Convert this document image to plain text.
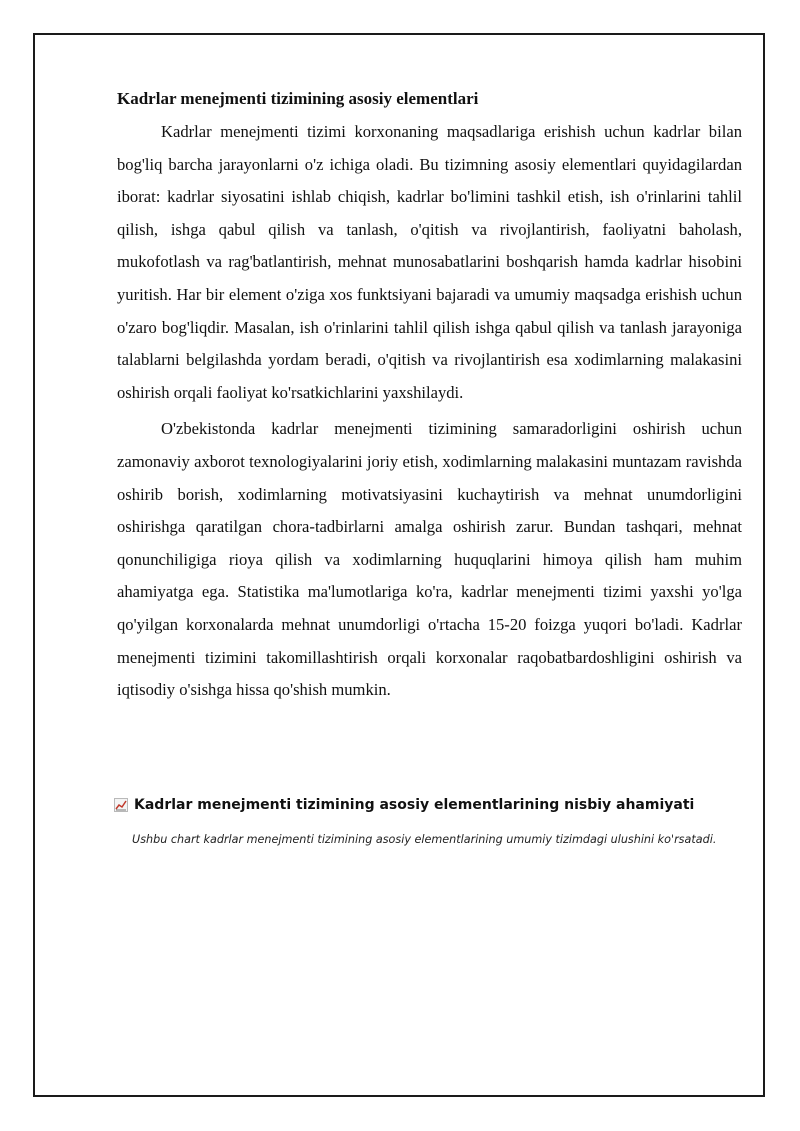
Kadrlar menejmenti tizimining asosiy elementlari

Kadrlar menejmenti tizimi korxonaning maqsadlariga erishish uchun kadrlar bilan bog'liq barcha jarayonlarni o'z ichiga oladi. Bu tizimning asosiy elementlari quyidagilardan iborat: kadrlar siyosatini ishlab chiqish, kadrlar bo'limini tashkil etish, ish o'rinlarini tahlil qilish, ishga qabul qilish va tanlash, o'qitish va rivojlantirish, faoliyatni baholash, mukofotlash va rag'batlantirish, mehnat munosabatlarini boshqarish hamda kadrlar hisobini yuritish. Har bir element o'ziga xos funktsiyani bajaradi va umumiy maqsadga erishish uchun o'zaro bog'liqdir. Masalan, ish o'rinlarini tahlil qilish ishga qabul qilish va tanlash jarayoniga talablarni belgilashda yordam beradi, o'qitish va rivojlantirish esa xodimlarning malakasini oshirish orqali faoliyat ko'rsatkichlarini yaxshilaydi.

O'zbekistonda kadrlar menejmenti tizimining samaradorligini oshirish uchun zamonaviy axborot texnologiyalarini joriy etish, xodimlarning malakasini muntazam ravishda oshirib borish, xodimlarning motivatsiyasini kuchaytirish va mehnat unumdorligini oshirishga qaratilgan chora-tadbirlarni amalga oshirish zarur. Bundan tashqari, mehnat qonunchiligiga rioya qilish va xodimlarning huquqlarini himoya qilish ham muhim ahamiyatga ega. Statistika ma'lumotlariga ko'ra, kadrlar menejmenti tizimi yaxshi yo'lga qo'yilgan korxonalarda mehnat unumdorligi o'rtacha 15-20 foizga yuqori bo'ladi. Kadrlar menejmenti tizimini takomillashtirish orqali korxonalar raqobatbardoshligini oshirish va iqtisodiy o'sishga hissa qo'shish mumkin.

Kadrlar menejmenti tizimining asosiy elementlarining nisbiy ahamiyati
Ushbu chart kadrlar menejmenti tizimining asosiy elementlarining umumiy tizimdagi ulushini ko'rsatadi.
